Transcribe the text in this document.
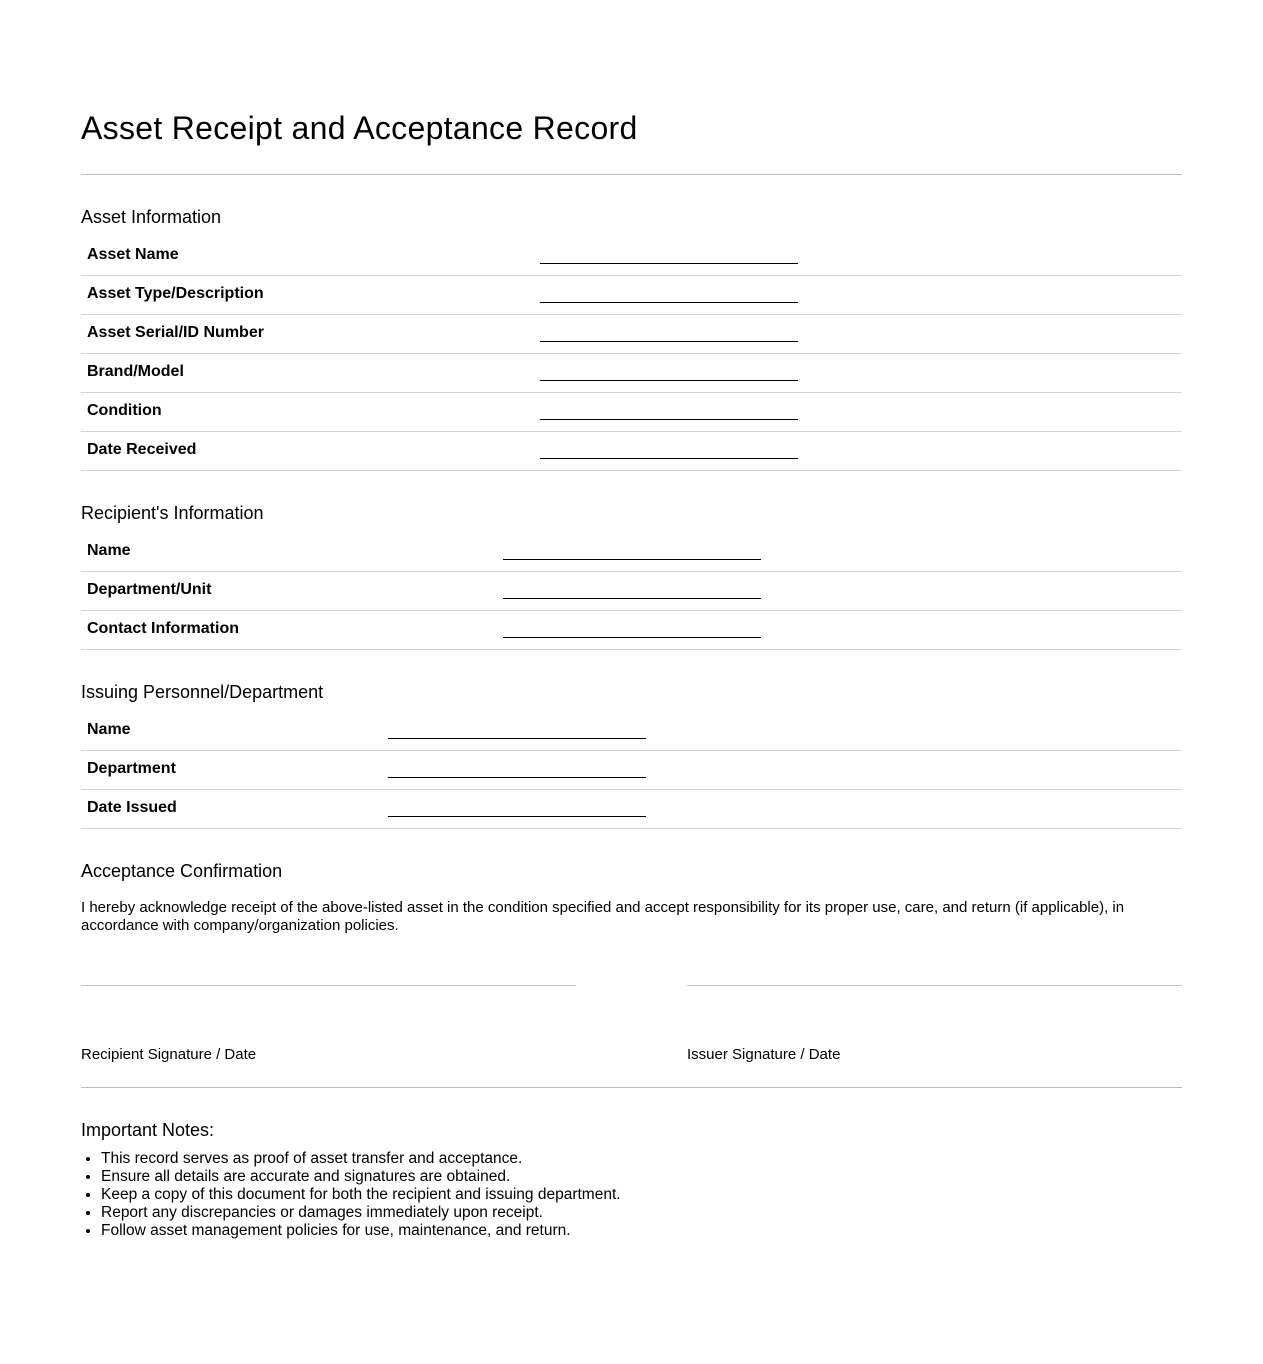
Asset Receipt and Acceptance Record
Asset Information
Asset Name
Asset Type/Description
Asset Serial/ID Number
Brand/Model
Condition
Date Received
Recipient's Information
Name
Department/Unit
Contact Information
Issuing Personnel/Department
Name
Department
Date Issued
Acceptance Confirmation

I hereby acknowledge receipt of the above-listed asset in the condition specified and accept responsibility for its proper use, care, and return (if applicable), in accordance with company/organization policies.

Recipient Signature / Date	Issuer Signature / Date
Important Notes:
• This record serves as proof of asset transfer and acceptance.
• Ensure all details are accurate and signatures are obtained.
• Keep a copy of this document for both the recipient and issuing department.
• Report any discrepancies or damages immediately upon receipt.
• Follow asset management policies for use, maintenance, and return.
